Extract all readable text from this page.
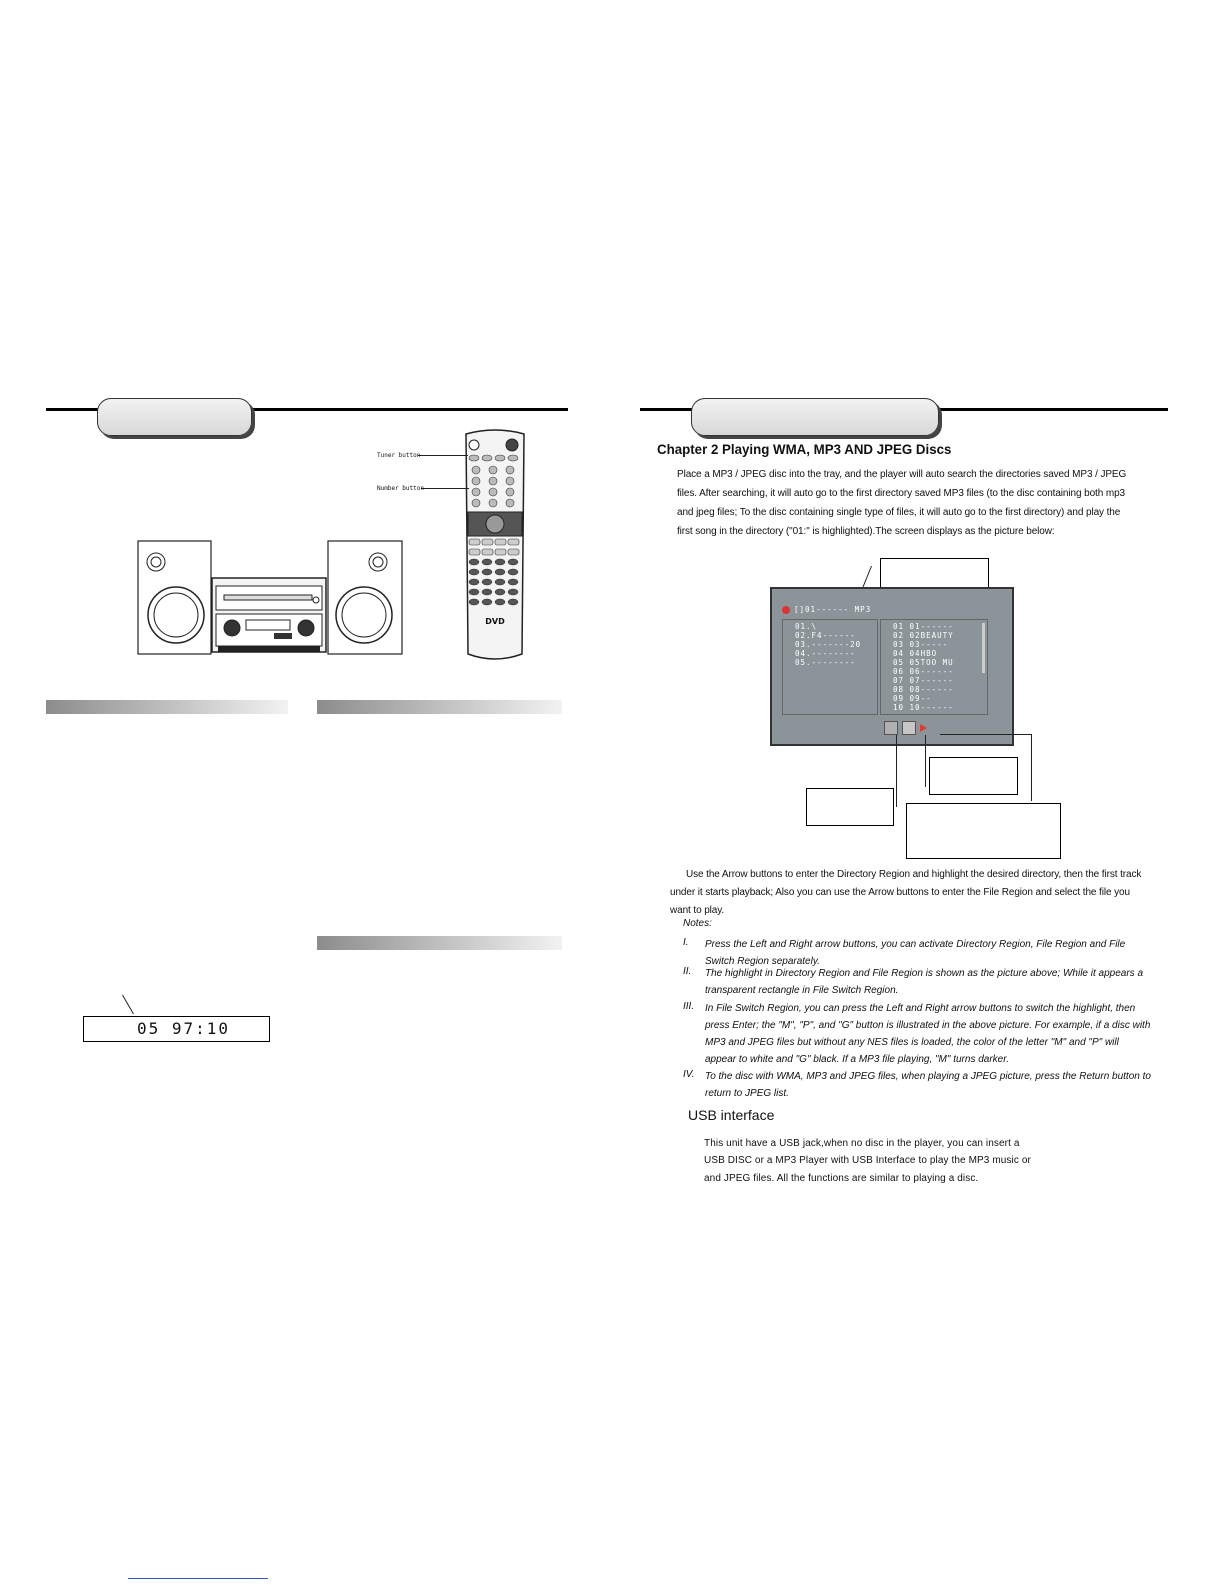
DVD
Tuner button
Number button
05 97:10
Chapter 2 Playing WMA, MP3 AND JPEG Discs
Place a MP3 / JPEG disc into the tray, and the player will auto search the directories saved MP3 / JPEG
files. After searching, it will auto go to the first directory saved MP3 files (to the disc containing both mp3
and jpeg files; To the disc containing single type of files, it will auto go to the first directory) and play the
first song in the directory ("01:" is highlighted).The screen displays as the picture below:
[]01------ MP3
01.\
02.F4------
03.-------20
04.--------
05.--------
01 01------
02 02BEAUTY
03 03-----
04 04HBO
05 05TOO MU
06 06------
07 07------
08 08------
09 09--
10 10------
Use the Arrow buttons to enter the Directory Region and highlight the desired directory, then the first track
under it starts playback; Also you can use the Arrow buttons to enter the File Region and select the file you
want to play.
Notes:
I. Press the Left and Right arrow buttons, you can activate Directory Region, File Region and File
Switch Region separately.
II. The highlight in Directory Region and File Region is shown as the picture above; While it appears a
transparent rectangle in File Switch Region.
III. In File Switch Region, you can press the Left and Right arrow buttons to switch the highlight, then
press Enter; the "M", "P", and "G" button is illustrated in the above picture. For example, if a disc with
MP3 and JPEG files but without any NES files is loaded, the color of the letter "M" and "P" will
appear to white and "G" black. If a MP3 file playing, "M" turns darker.
IV. To the disc with WMA, MP3 and JPEG files, when playing a JPEG picture, press the Return button to
return to JPEG list.
USB interface
This unit have a USB jack,when no disc in the player, you can insert a
USB DISC or a MP3 Player with USB Interface to play the MP3 music or
and JPEG files. All the functions are similar to playing a disc.
